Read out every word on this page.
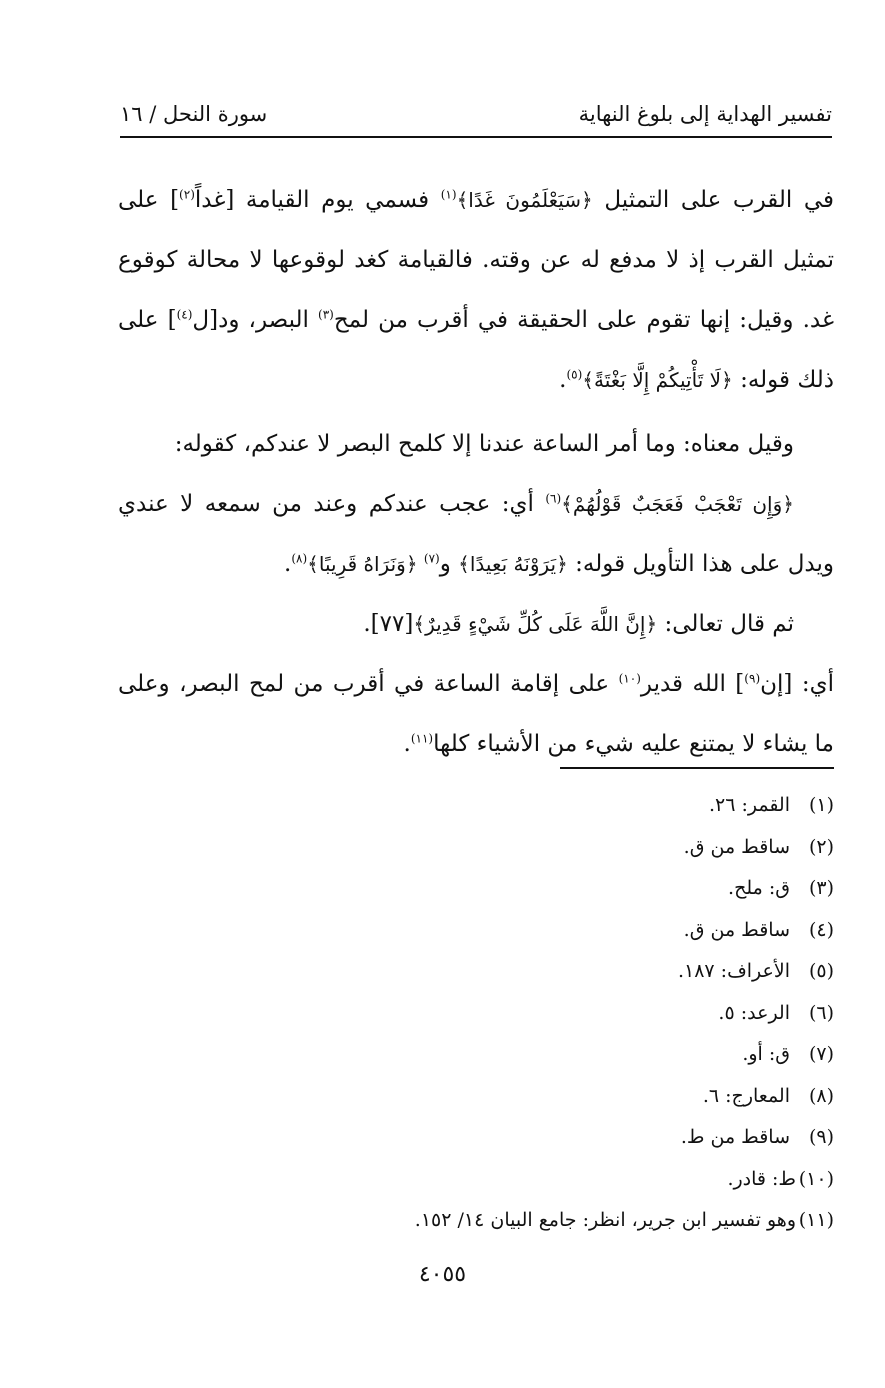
تفسير الهداية إلى بلوغ النهاية
سورة النحل / ١٦

في القرب على التمثيل ﴿سَيَعْلَمُونَ غَدًا﴾$^{(١)}$ فسمي يوم القيامة [غداً$^{(٢)}$] على تمثيل القرب إذ لا مدفع له عن وقته. فالقيامة كغد لوقوعها لا محالة كوقوع غد. وقيل: إنها تقوم على الحقيقة في أقرب من لمح$^{(٣)}$ البصر، ود[ل$^{(٤)}$] على ذلك قوله: ﴿لَا تَأْتِيكُمْ إِلَّا بَغْتَةً﴾$^{(٥)}$.

وقيل معناه: وما أمر الساعة عندنا إلا كلمح البصر لا عندكم، كقوله:

﴿وَإِن تَعْجَبْ فَعَجَبٌ قَوْلُهُمْ﴾$^{(٦)}$ أي: عجب عندكم وعند من سمعه لا عندي ويدل على هذا التأويل قوله: ﴿يَرَوْنَهُ بَعِيدًا﴾ و$^{(٧)}$ ﴿وَنَرَاهُ قَرِيبًا﴾$^{(٨)}$.

ثم قال تعالى: ﴿إِنَّ اللَّهَ عَلَى كُلِّ شَيْءٍ قَدِيرٌ﴾[٧٧].

أي: [إن$^{(٩)}$] الله قدير$^{(١٠)}$ على إقامة الساعة في أقرب من لمح البصر، وعلى ما يشاء لا يمتنع عليه شيء من الأشياء كلها$^{(١١)}$.

(١)القمر: ٢٦.
(٢)ساقط من ق.
(٣)ق: ملح.
(٤)ساقط من ق.
(٥)الأعراف: ١٨٧.
(٦)الرعد: ٥.
(٧)ق: أو.
(٨)المعارج: ٦.
(٩)ساقط من ط.
(١٠)ط: قادر.
(١١)وهو تفسير ابن جرير، انظر: جامع البيان ١٤/ ١٥٢.
٤٠٥٥
